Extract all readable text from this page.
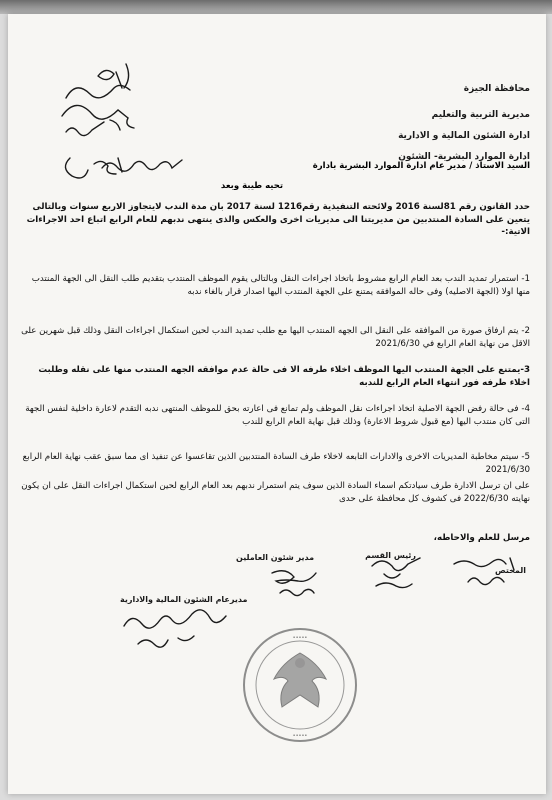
محافظة الجيزة
مديرية التربية والتعليم
ادارة الشئون المالية و الادارية
ادارة الموارد البشرية- الشئون
السيد الاستاذ / مدير عام ادارة الموارد البشرية بادارة
تحيه طيبة وبعد
حدد القانون رقم 81لسنة 2016 ولائحته التنفيذية رقم1216 لسنة 2017 بان مدة الندب لايتجاوز الاربع سنوات وبالتالى يتعين على السادة المنتدبين من مديريتنا الى مديريات اخرى والعكس والذى ينتهى ندبهم للعام الرابع اتباع احد الاجراءات الاتية:-
1- استمرار تمديد الندب بعد العام الرابع مشروط باتخاذ اجراءات النقل وبالتالى يقوم الموظف المنتدب بتقديم طلب النقل الى الجهة المنتدب منها اولا (الجهة الاصليه) وفى حاله الموافقه يمتنع على الجهة المنتدب اليها اصدار قرار بالغاء ندبه
2- يتم ارفاق صورة من الموافقه على النقل الى الجهه المنتدب اليها مع طلب تمديد الندب لحين استكمال اجراءات النقل وذلك قبل شهرين على الاقل من نهاية العام الرابع في 2021/6/30
3-يمتنع على الجهة المنتدب اليها الموظف اخلاء طرفه الا فى حالة عدم موافقه الجهه المنتدب منها على نقله وطلبت اخلاء طرفه فور انتهاء العام الرابع للندبه
4- فى حالة رفض الجهة الاصلية اتخاذ اجراءات نقل الموظف ولم تمانع فى اعارته بحق للموظف المنتهى ندبه التقدم لاعارة داخلية لنفس الجهة التى كان منتدب اليها (مع قبول شروط الاعارة) وذلك قبل نهاية العام الرابع للندب
5- سيتم مخاطبة المديريات الاخرى والادارات التابعه لاخلاء طرف السادة المنتدبين الذين تقاعسوا عن تنفيذ اى مما سبق عقب نهاية العام الرابع 2021/6/30
على ان ترسل الادارة طرف سيادتكم اسماء السادة الذين سوف يتم استمرار ندبهم بعد العام الرابع لحين استكمال اجراءات النقل على ان يكون نهايته 2022/6/30 فى كشوف كل محافظة على حدى
مرسل للعلم والاحاطه،
المختص
رئيس القسم
مدير شئون العاملين
مديرعام الشئون المالية والادارية
•••••
•••••
